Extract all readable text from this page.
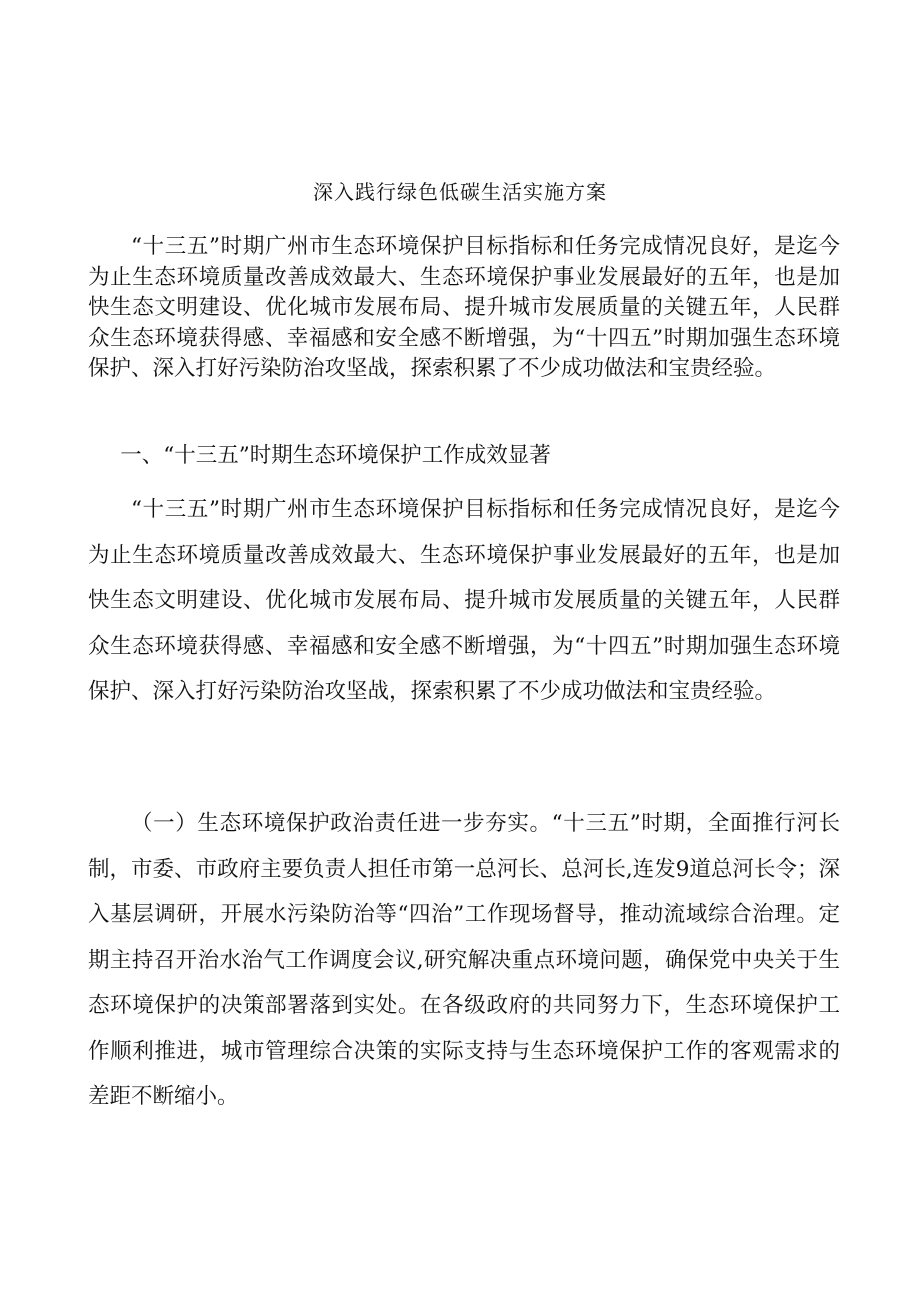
深入践行绿色低碳生活实施方案

“十三五”时期广州市生态环境保护目标指标和任务完成情况良好，是迄今为止生态环境质量改善成效最大、生态环境保护事业发展最好的五年，也是加快生态文明建设、优化城市发展布局、提升城市发展质量的关键五年，人民群众生态环境获得感、幸福感和安全感不断增强，为“十四五”时期加强生态环境保护、深入打好污染防治攻坚战，探索积累了不少成功做法和宝贵经验。

一、“十三五”时期生态环境保护工作成效显著

“十三五”时期广州市生态环境保护目标指标和任务完成情况良好，是迄今为止生态环境质量改善成效最大、生态环境保护事业发展最好的五年，也是加快生态文明建设、优化城市发展布局、提升城市发展质量的关键五年，人民群众生态环境获得感、幸福感和安全感不断增强，为“十四五”时期加强生态环境保护、深入打好污染防治攻坚战，探索积累了不少成功做法和宝贵经验。

（一）生态环境保护政治责任进一步夯实。“十三五”时期，全面推行河长制，市委、市政府主要负责人担任市第一总河长、总河长,连发9道总河长令；深入基层调研，开展水污染防治等“四治”工作现场督导，推动流域综合治理。定期主持召开治水治气工作调度会议,研究解决重点环境问题，确保党中央关于生态环境保护的决策部署落到实处。在各级政府的共同努力下，生态环境保护工作顺利推进，城市管理综合决策的实际支持与生态环境保护工作的客观需求的差距不断缩小。
